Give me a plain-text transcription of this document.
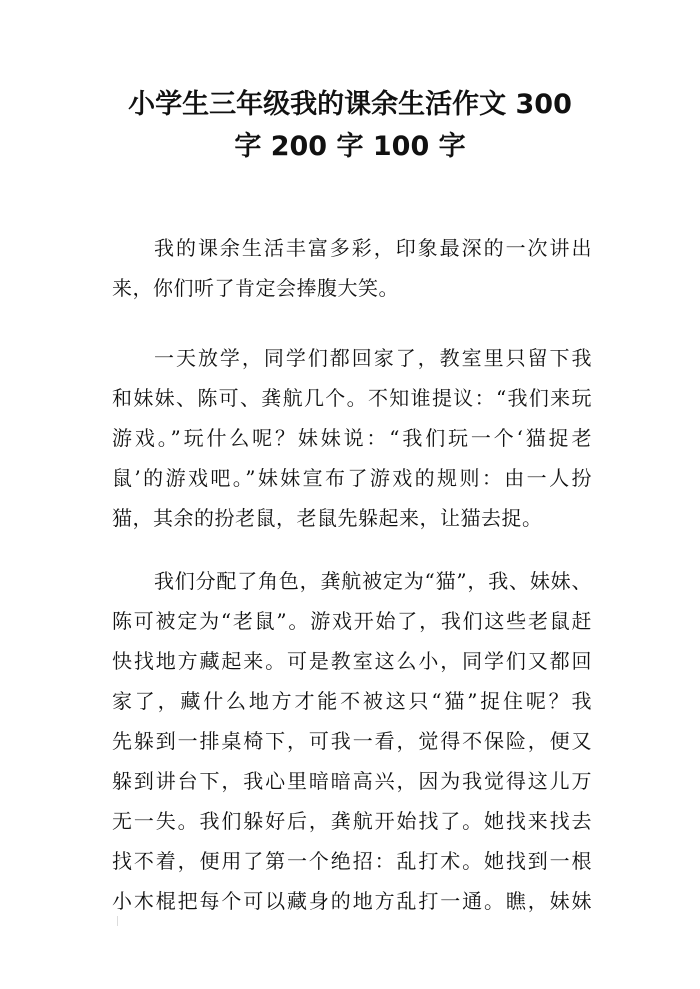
小学生三年级我的课余生活作文 300
字 200 字 100 字
我的课余生活丰富多彩，印象最深的一次讲出
来，你们听了肯定会捧腹大笑。
一天放学，同学们都回家了，教室里只留下我
和妹妹、陈可、龚航几个。不知谁提议：“我们来玩
游戏。”玩什么呢？妹妹说：“我们玩一个‘猫捉老
鼠’的游戏吧。”妹妹宣布了游戏的规则：由一人扮
猫，其余的扮老鼠，老鼠先躲起来，让猫去捉。
我们分配了角色，龚航被定为“猫”，我、妹妹、
陈可被定为“老鼠”。游戏开始了，我们这些老鼠赶
快找地方藏起来。可是教室这么小，同学们又都回
家了，藏什么地方才能不被这只“猫”捉住呢？我
先躲到一排桌椅下，可我一看，觉得不保险，便又
躲到讲台下，我心里暗暗高兴，因为我觉得这儿万
无一失。我们躲好后，龚航开始找了。她找来找去
找不着，便用了第一个绝招：乱打术。她找到一根
小木棍把每个可以藏身的地方乱打一通。瞧，妹妹
